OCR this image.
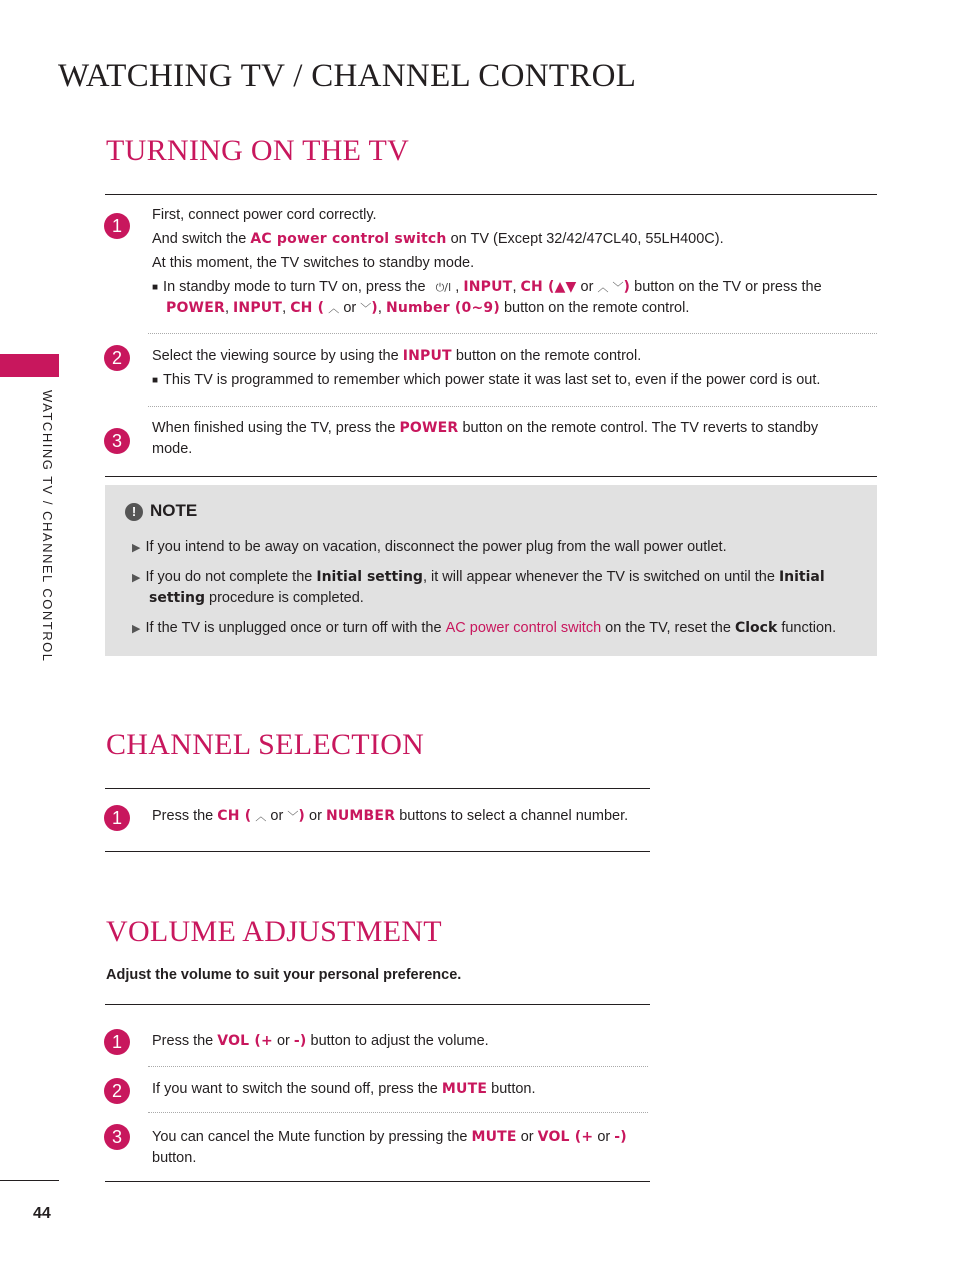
WATCHING TV / CHANNEL CONTROL
44
WATCHING TV / CHANNEL CONTROL
TURNING ON THE TV
1
First, connect power cord correctly.
And switch the AC power control switch on TV (Except 32/42/47CL40, 55LH400C).
At this moment, the TV switches to standby mode.
■ In standby mode to turn TV on, press the ⏻/I , INPUT, CH (▲▼ or ︿ ﹀) button on the TV or press the
POWER, INPUT, CH ( ︿ or ﹀), Number (0~9) button on the remote control.
2	Select the viewing source by using the INPUT button on the remote control.
■ This TV is programmed to remember which power state it was last set to, even if the power cord is out.
3
When finished using the TV, press the POWER button on the remote control. The TV reverts to standby
mode.
! NOTE
▶ If you intend to be away on vacation, disconnect the power plug from the wall power outlet.
▶ If you do not complete the Initial setting, it will appear whenever the TV is switched on until the Initial
setting procedure is completed.
▶ If the TV is unplugged once or turn off with the AC power control switch on the TV, reset the Clock function.
CHANNEL SELECTION
1	Press the CH ( ︿ or ﹀) or NUMBER buttons to select a channel number.
VOLUME ADJUSTMENT
Adjust the volume to suit your personal preference.
1	Press the VOL (+ or -) button to adjust the volume.
2	If you want to switch the sound off, press the MUTE button.
3	You can cancel the Mute function by pressing the MUTE or VOL (+ or -)
button.
